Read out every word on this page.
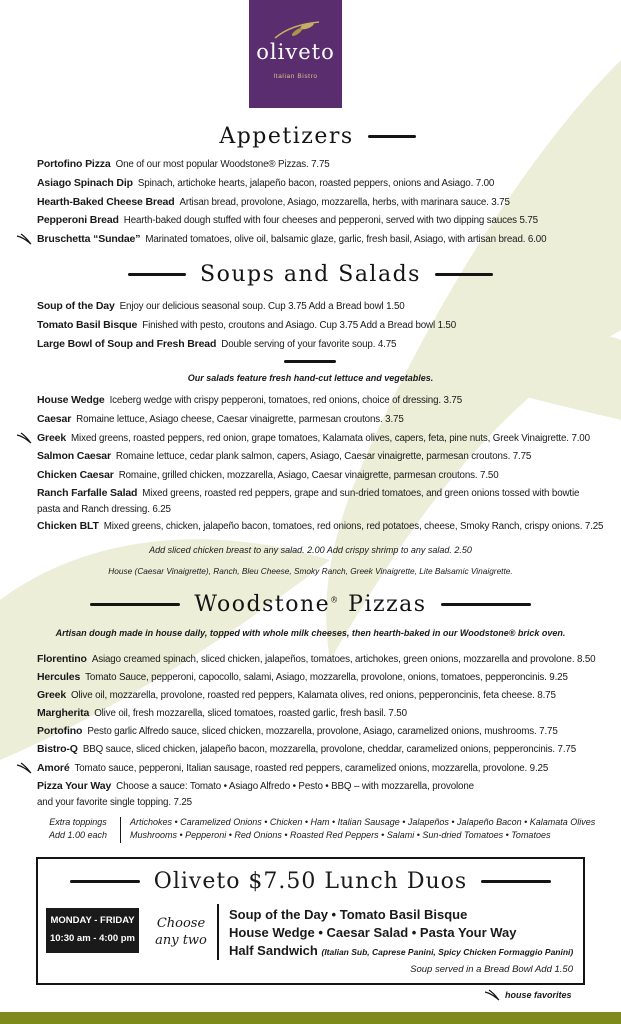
oliveto
Italian Bistro
Appetizers
Portofino Pizza One of our most popular Woodstone® Pizzas. 7.75
Asiago Spinach Dip Spinach, artichoke hearts, jalapeño bacon, roasted peppers, onions and Asiago. 7.00
Hearth-Baked Cheese Bread Artisan bread, provolone, Asiago, mozzarella, herbs, with marinara sauce. 3.75
Pepperoni Bread Hearth-baked dough stuffed with four cheeses and pepperoni, served with two dipping sauces 5.75
Bruschetta “Sundae” Marinated tomatoes, olive oil, balsamic glaze, garlic, fresh basil, Asiago, with artisan bread. 6.00
Soups and Salads
Soup of the Day Enjoy our delicious seasonal soup. Cup 3.75 Add a Bread bowl 1.50
Tomato Basil Bisque Finished with pesto, croutons and Asiago. Cup 3.75 Add a Bread bowl 1.50
Large Bowl of Soup and Fresh Bread Double serving of your favorite soup. 4.75
Our salads feature fresh hand-cut lettuce and vegetables.
House Wedge Iceberg wedge with crispy pepperoni, tomatoes, red onions, choice of dressing. 3.75
Caesar Romaine lettuce, Asiago cheese, Caesar vinaigrette, parmesan croutons. 3.75
Greek Mixed greens, roasted peppers, red onion, grape tomatoes, Kalamata olives, capers, feta, pine nuts, Greek Vinaigrette. 7.00
Salmon Caesar Romaine lettuce, cedar plank salmon, capers, Asiago, Caesar vinaigrette, parmesan croutons. 7.75
Chicken Caesar Romaine, grilled chicken, mozzarella, Asiago, Caesar vinaigrette, parmesan croutons. 7.50
Ranch Farfalle Salad Mixed greens, roasted red peppers, grape and sun-dried tomatoes, and green onions tossed with bowtie pasta and Ranch dressing. 6.25
Chicken BLT Mixed greens, chicken, jalapeño bacon, tomatoes, red onions, red potatoes, cheese, Smoky Ranch, crispy onions. 7.25
Add sliced chicken breast to any salad. 2.00 Add crispy shrimp to any salad. 2.50
House (Caesar Vinaigrette), Ranch, Bleu Cheese, Smoky Ranch, Greek Vinaigrette, Lite Balsamic Vinaigrette.
Woodstone® Pizzas
Artisan dough made in house daily, topped with whole milk cheeses, then hearth-baked in our Woodstone® brick oven.
Florentino Asiago creamed spinach, sliced chicken, jalapeños, tomatoes, artichokes, green onions, mozzarella and provolone. 8.50
Hercules Tomato Sauce, pepperoni, capocollo, salami, Asiago, mozzarella, provolone, onions, tomatoes, pepperoncinis. 9.25
Greek Olive oil, mozzarella, provolone, roasted red peppers, Kalamata olives, red onions, pepperoncinis, feta cheese. 8.75
Margherita Olive oil, fresh mozzarella, sliced tomatoes, roasted garlic, fresh basil. 7.50
Portofino Pesto garlic Alfredo sauce, sliced chicken, mozzarella, provolone, Asiago, caramelized onions, mushrooms. 7.75
Bistro-Q BBQ sauce, sliced chicken, jalapeño bacon, mozzarella, provolone, cheddar, caramelized onions, pepperoncinis. 7.75
Amoré Tomato sauce, pepperoni, Italian sausage, roasted red peppers, caramelized onions, mozzarella, provolone. 9.25
Pizza Your Way Choose a sauce: Tomato • Asiago Alfredo • Pesto • BBQ – with mozzarella, provolone and your favorite single topping. 7.25
Extra toppings
Add 1.00 each
Artichokes • Caramelized Onions • Chicken • Ham • Italian Sausage • Jalapeños • Jalapeño Bacon • Kalamata Olives
Mushrooms • Pepperoni • Red Onions • Roasted Red Peppers • Salami • Sun-dried Tomatoes • Tomatoes
Oliveto $7.50 Lunch Duos
MONDAY - FRIDAY
10:30 am - 4:00 pm
Choose
any two
Soup of the Day • Tomato Basil Bisque
House Wedge • Caesar Salad • Pasta Your Way
Half Sandwich (Italian Sub, Caprese Panini, Spicy Chicken Formaggio Panini)
Soup served in a Bread Bowl Add 1.50
house favorites
